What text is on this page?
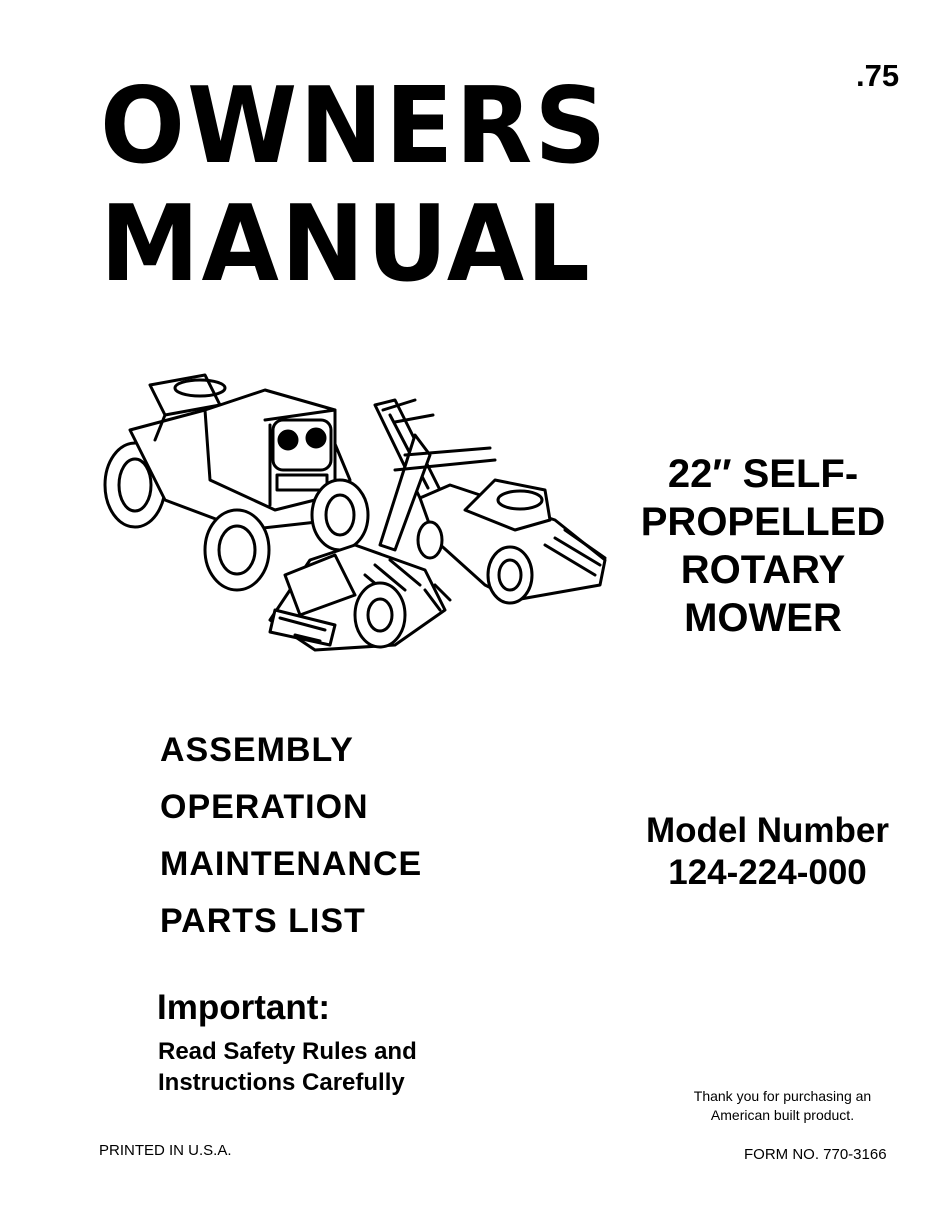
.75
OWNERS
MANUAL
22″ SELF-
PROPELLED
ROTARY
MOWER
ASSEMBLY
OPERATION
MAINTENANCE
PARTS LIST
Model Number
124-224-000
Important:
Read Safety Rules and
Instructions Carefully	Thank you for purchasing an
American built product.
PRINTED IN U.S.A.	FORM NO. 770-3166
